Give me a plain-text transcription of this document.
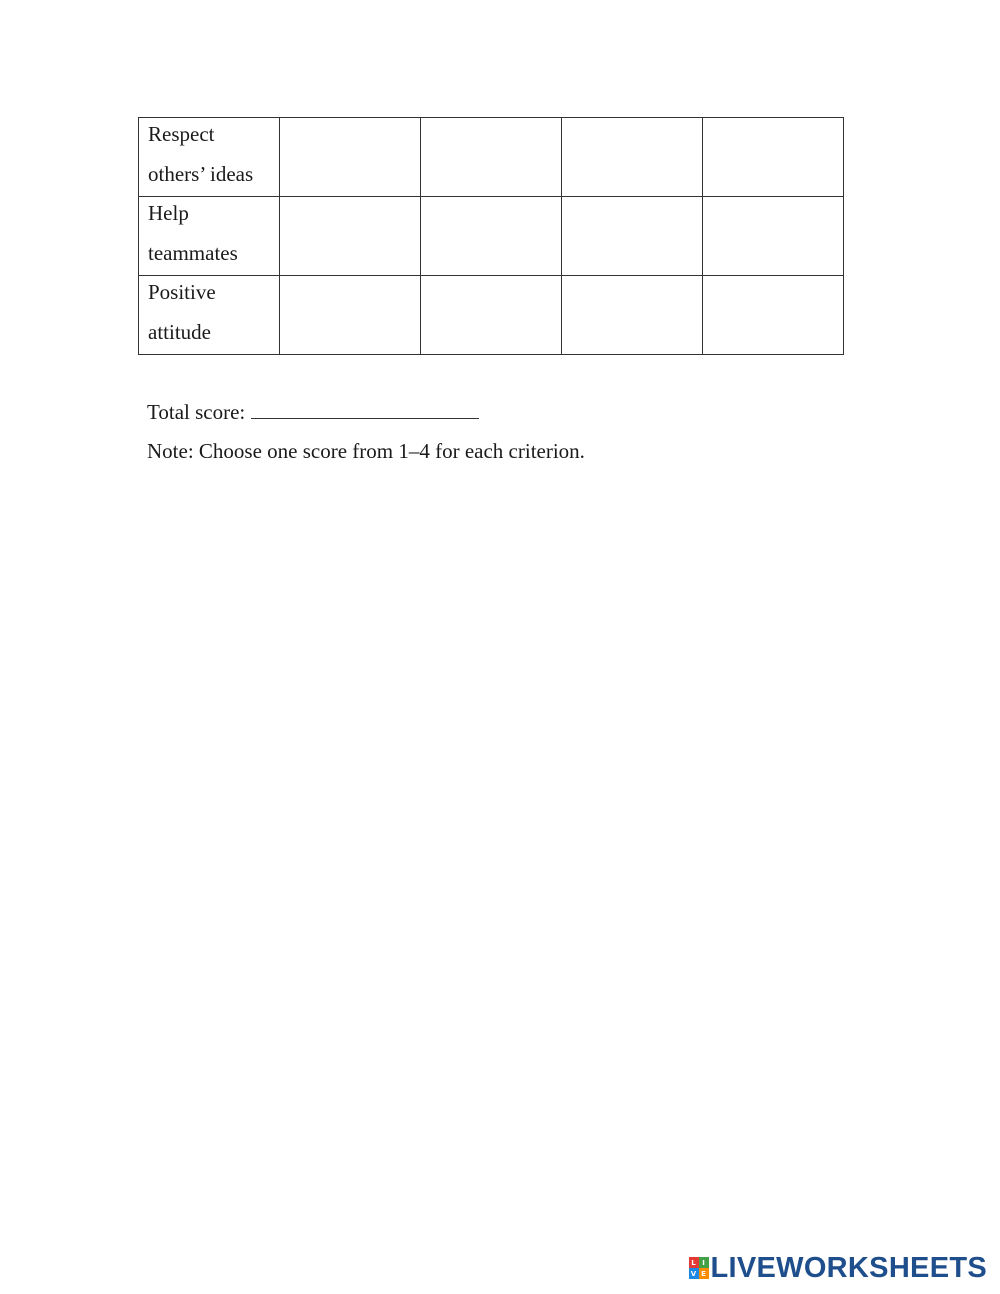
Respect
others’ ideas				

Help
teammates				

Positive
attitude				

Total score:
Note: Choose one score from 1–4 for each criterion.
L I
V E LIVEWORKSHEETS
